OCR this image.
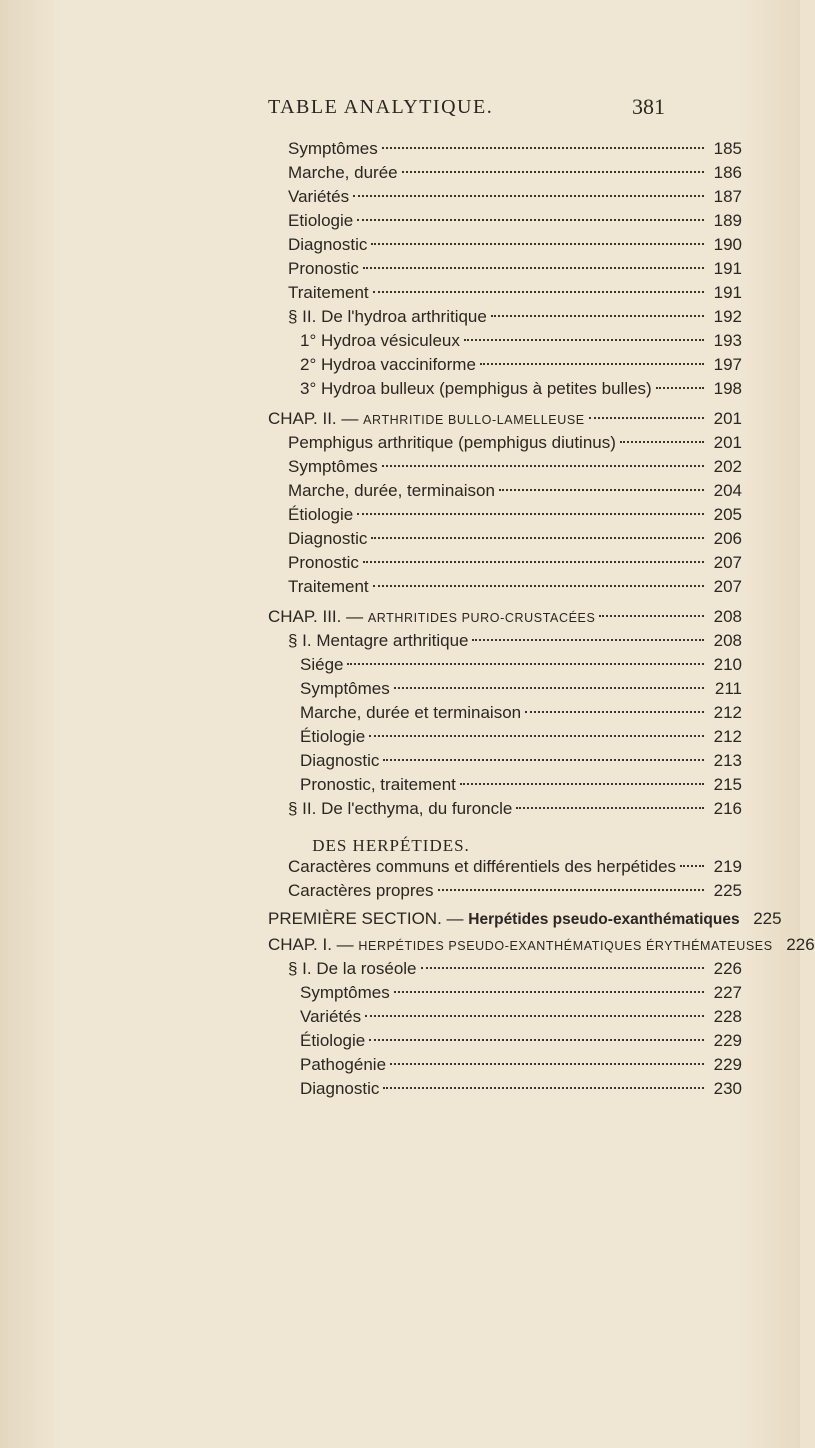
TABLE ANALYTIQUE.	381
Symptômes	185
Marche, durée	186
Variétés	187
Etiologie	189
Diagnostic	190
Pronostic	191
Traitement	191
§ II. De l'hydroa arthritique	192
1° Hydroa vésiculeux	193
2° Hydroa vacciniforme	197
3° Hydroa bulleux (pemphigus à petites bulles)	198
CHAP. II. — ARTHRITIDE BULLO-LAMELLEUSE	201
Pemphigus arthritique (pemphigus diutinus)	201
Symptômes	202
Marche, durée, terminaison	204
Étiologie	205
Diagnostic	206
Pronostic	207
Traitement	207
CHAP. III. — ARTHRITIDES PURO-CRUSTACÉES	208
§ I. Mentagre arthritique	208
Siége	210
Symptômes	211
Marche, durée et terminaison	212
Étiologie	212
Diagnostic	213
Pronostic, traitement	215
§ II. De l'ecthyma, du furoncle	216
Caractères communs et différentiels des herpétides	219
Caractères propres	225
PREMIÈRE SECTION. — Herpétides pseudo-exanthématiques 225
CHAP. I. — HERPÉTIDES PSEUDO-EXANTHÉMATIQUES ÉRYTHÉMATЕUSES 226
§ I. De la roséole	226
Symptômes	227
Variétés	228
Étiologie	229
Pathogénie	229
Diagnostic	230
DES HERPÉTIDES.
